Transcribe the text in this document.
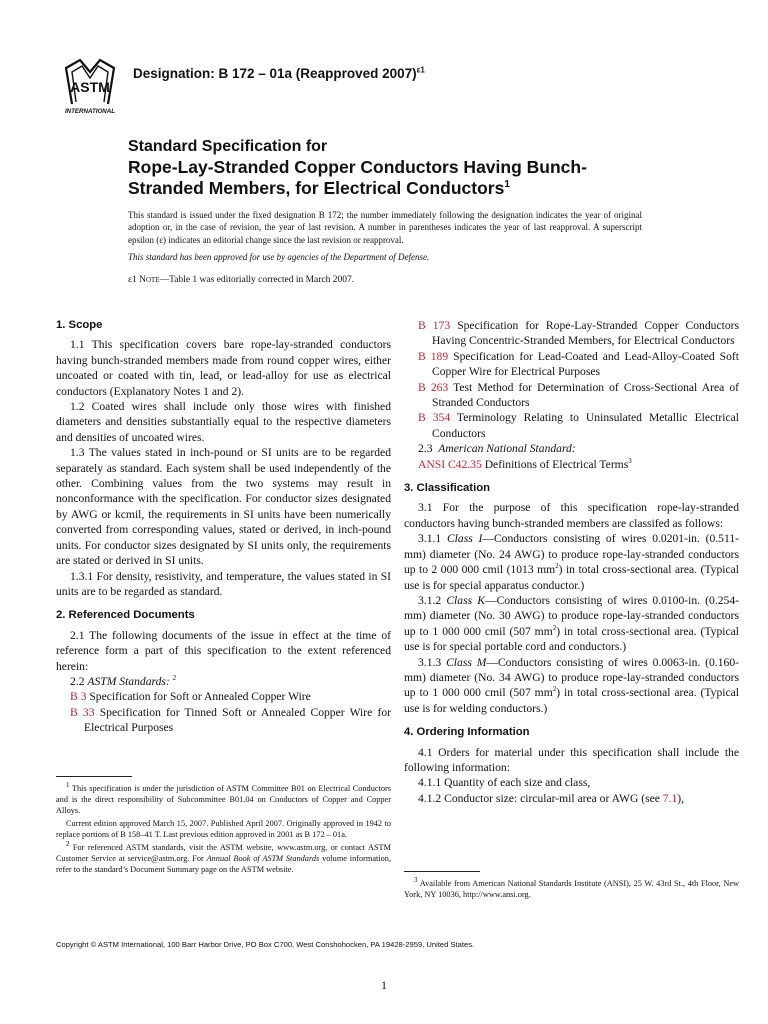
ASTM
INTERNATIONAL
Designation: B 172 – 01a (Reapproved 2007)$^{\varepsilon 1}$
Standard Specification for
Rope-Lay-Stranded Copper Conductors Having Bunch-
Stranded Members, for Electrical Conductors$^1$
This standard is issued under the fixed designation B 172; the number immediately following the designation indicates the year of original adoption or, in the case of revision, the year of last revision. A number in parentheses indicates the year of last reapproval. A superscript epsilon (ε) indicates an editorial change since the last revision or reapproval.
This standard has been approved for use by agencies of the Department of Defense.
ε1 Note—Table 1 was editorially corrected in March 2007.
1. Scope

1.1 This specification covers bare rope-lay-stranded conductors having bunch-stranded members made from round copper wires, either uncoated or coated with tin, lead, or lead-alloy for use as electrical conductors (Explanatory Notes 1 and 2).

1.2 Coated wires shall include only those wires with finished diameters and densities substantially equal to the respective diameters and densities of uncoated wires.

1.3 The values stated in inch-pound or SI units are to be regarded separately as standard. Each system shall be used independently of the other. Combining values from the two systems may result in nonconformance with the specification. For conductor sizes designated by AWG or kcmil, the requirements in SI units have been numerically converted from corresponding values, stated or derived, in inch-pound units. For conductor sizes designated by SI units only, the requirements are stated or derived in SI units.

1.3.1 For density, resistivity, and temperature, the values stated in SI units are to be regarded as standard.

2. Referenced Documents

2.1 The following documents of the issue in effect at the time of reference form a part of this specification to the extent referenced herein:

2.2 ASTM Standards: $^2$

B 3 Specification for Soft or Annealed Copper Wire
B 33 Specification for Tinned Soft or Annealed Copper Wire for Electrical Purposes
B 173 Specification for Rope-Lay-Stranded Copper Conductors Having Concentric-Stranded Members, for Electrical Conductors
B 189 Specification for Lead-Coated and Lead-Alloy-Coated Soft Copper Wire for Electrical Purposes
B 263 Test Method for Determination of Cross-Sectional Area of Stranded Conductors
B 354 Terminology Relating to Uninsulated Metallic Electrical Conductors

2.3 American National Standard:

ANSI C42.35 Definitions of Electrical Terms$^3$
3. Classification

3.1 For the purpose of this specification rope-lay-stranded conductors having bunch-stranded members are classifed as follows:

3.1.1 Class I—Conductors consisting of wires 0.0201-in. (0.511-mm) diameter (No. 24 AWG) to produce rope-lay-stranded conductors up to 2 000 000 cmil (1013 $mm^2$) in total cross-sectional area. (Typical use is for special apparatus conductor.)

3.1.2 Class K—Conductors consisting of wires 0.0100-in. (0.254-mm) diameter (No. 30 AWG) to produce rope-lay-stranded conductors up to 1 000 000 cmil (507 $mm^2$) in total cross-sectional area. (Typical use is for special portable cord and conductors.)

3.1.3 Class M—Conductors consisting of wires 0.0063-in. (0.160-mm) diameter (No. 34 AWG) to produce rope-lay-stranded conductors up to 1 000 000 cmil (507 $mm^2$) in total cross-sectional area. (Typical use is for welding conductors.)

4. Ordering Information

4.1 Orders for material under this specification shall include the following information:

4.1.1 Quantity of each size and class,

4.1.2 Conductor size: circular-mil area or AWG (see 7.1),

$^1$ This specification is under the jurisdiction of ASTM Committee B01 on Electrical Conductors and is the direct responsibility of Subcommittee B01.04 on Conductors of Copper and Copper Alloys.

Current edition approved March 15, 2007. Published April 2007. Originally approved in 1942 to replace portions of B 158–41 T. Last previous edition approved in 2001 as B 172 – 01a.

$^2$ For referenced ASTM standards, visit the ASTM website, www.astm.org, or contact ASTM Customer Service at service@astm.org. For Annual Book of ASTM Standards volume information, refer to the standard’s Document Summary page on the ASTM website.

$^3$ Available from American National Standards Institute (ANSI), 25 W. 43rd St., 4th Floor, New York, NY 10036, http://www.ansi.org.

Copyright © ASTM International, 100 Barr Harbor Drive, PO Box C700, West Conshohocken, PA 19428-2959, United States.
1
